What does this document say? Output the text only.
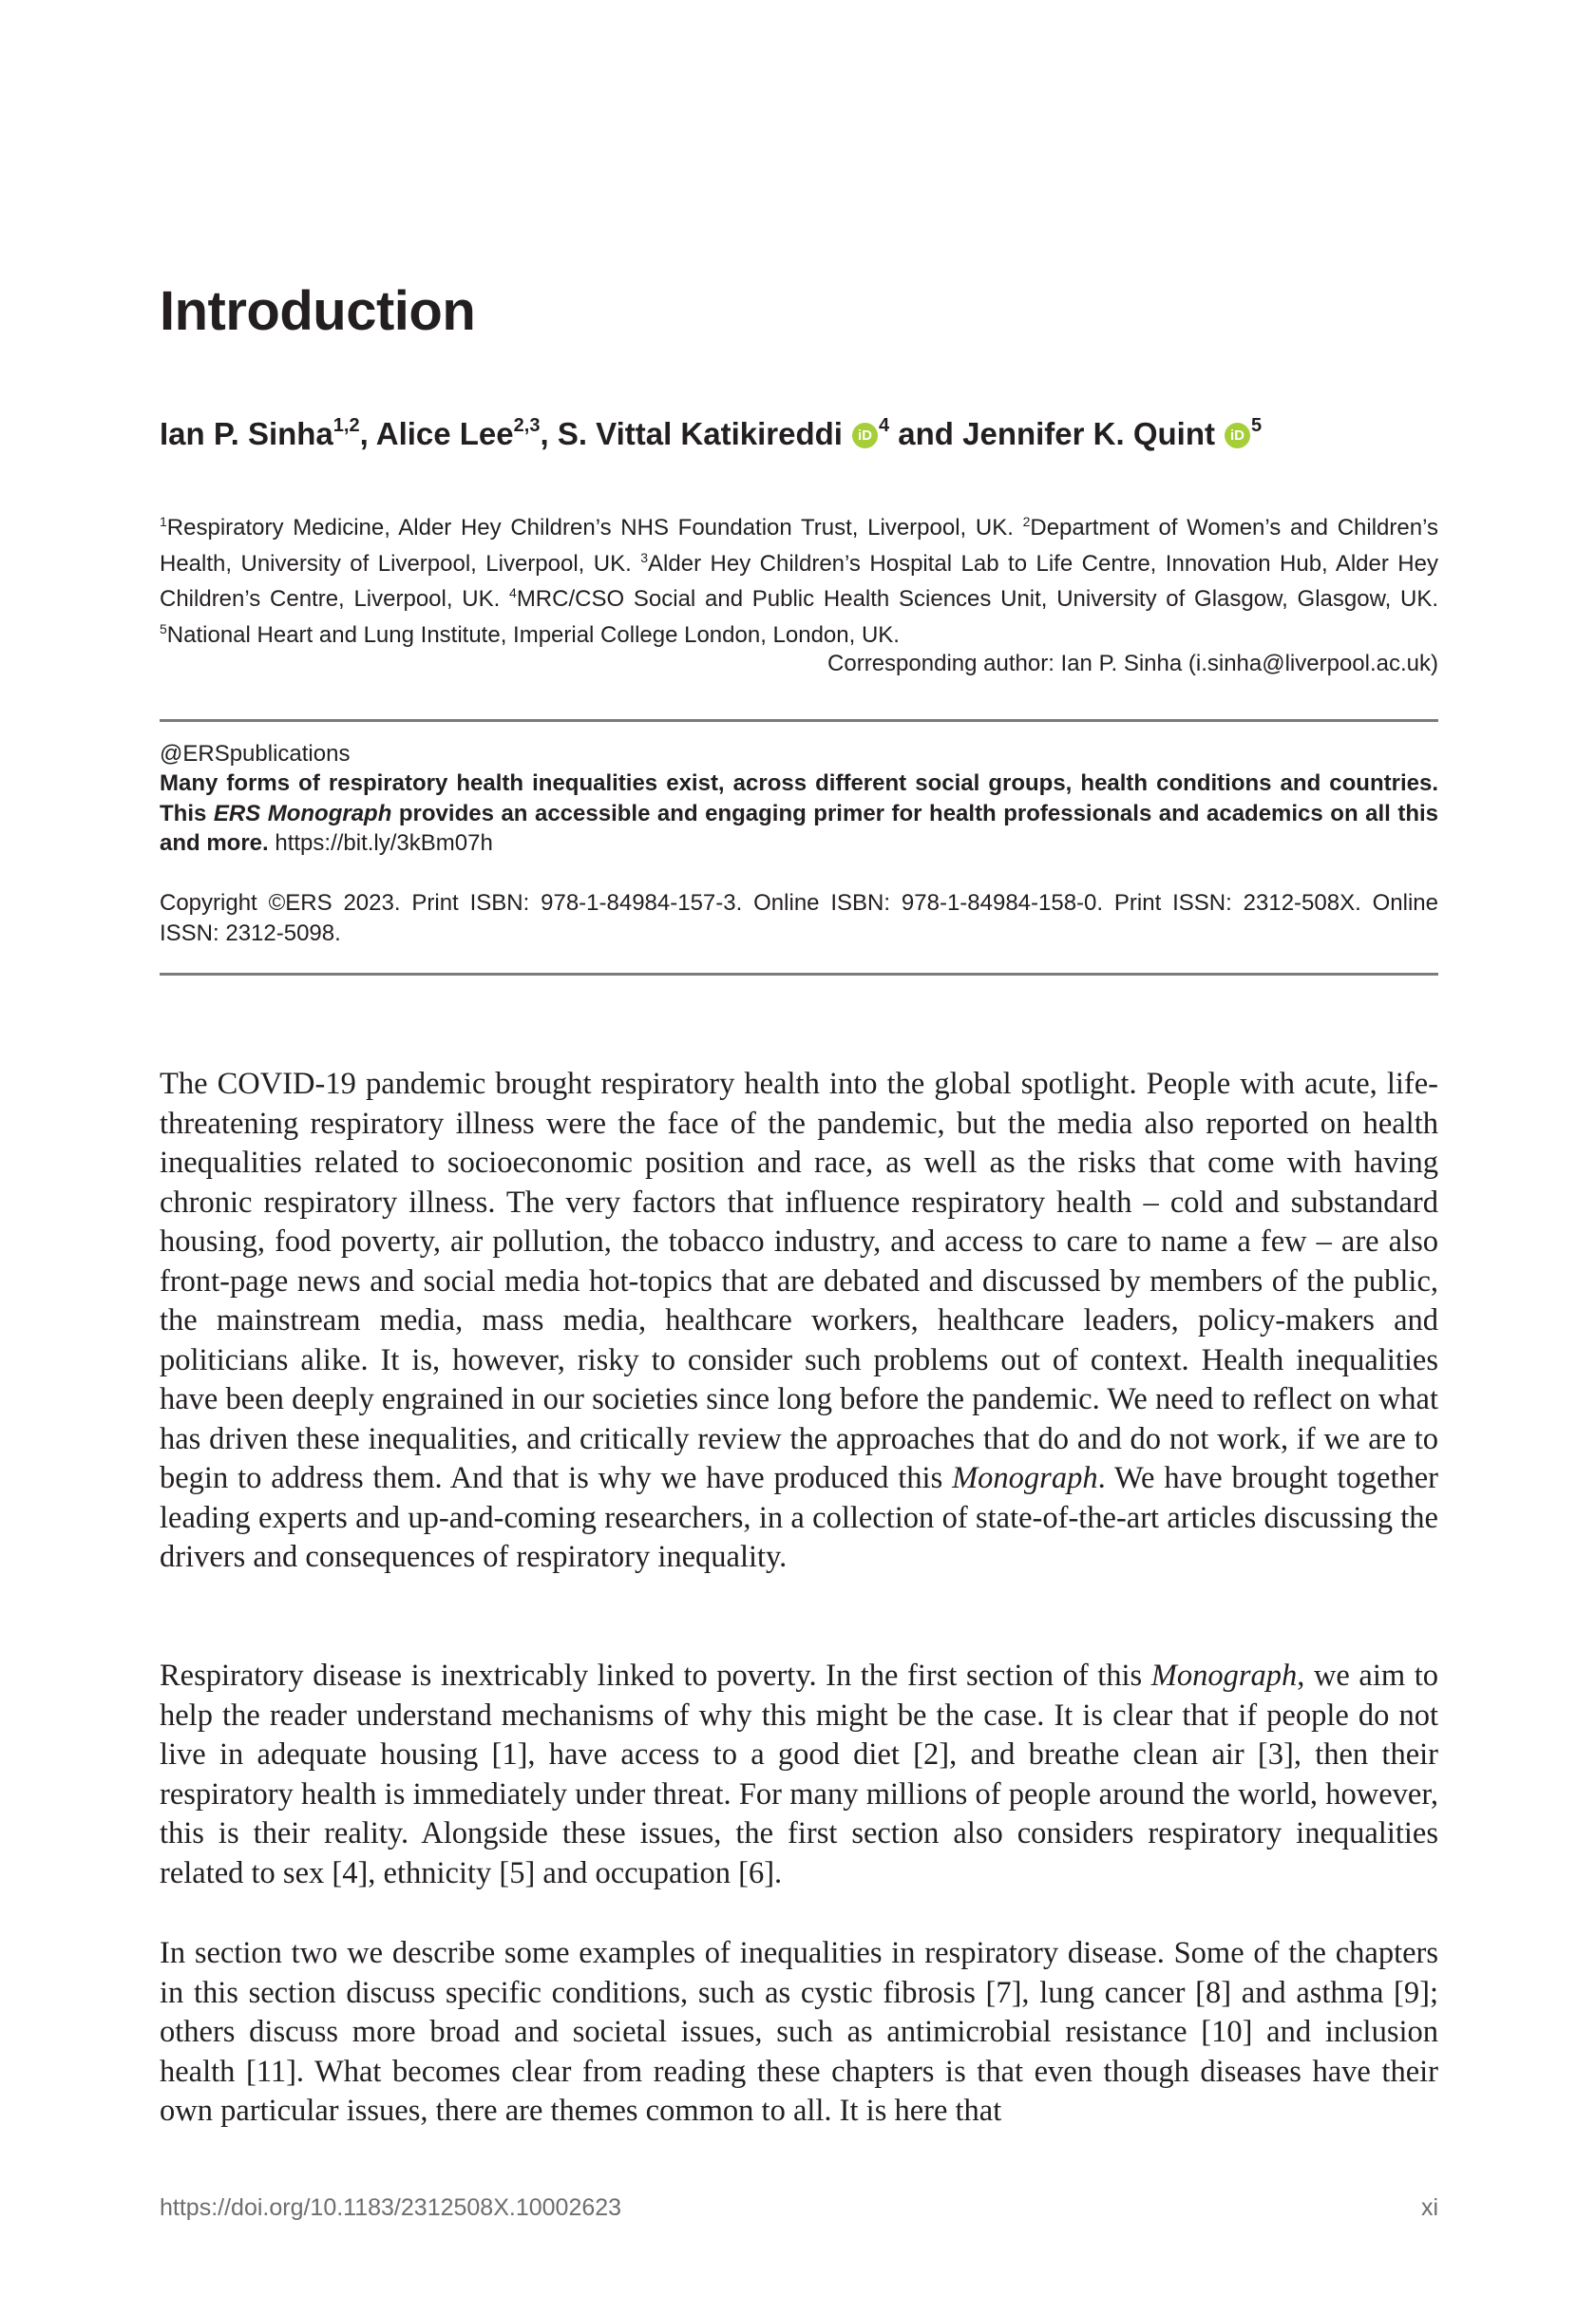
Introduction
Ian P. Sinha$^{1,2}$, Alice Lee$^{2,3}$, S. Vittal Katikireddi iD $^4$ and Jennifer K. Quint iD $^5$

$^1$Respiratory Medicine, Alder Hey Children’s NHS Foundation Trust, Liverpool, UK. $^2$Department of Women’s and Children’s Health, University of Liverpool, Liverpool, UK. $^3$Alder Hey Children’s Hospital Lab to Life Centre, Innovation Hub, Alder Hey Children’s Centre, Liverpool, UK. $^4$MRC/CSO Social and Public Health Sciences Unit, University of Glasgow, Glasgow, UK. $^5$National Heart and Lung Institute, Imperial College London, London, UK.

Corresponding author: Ian P. Sinha (i.sinha@liverpool.ac.uk)
@ERSpublications

Many forms of respiratory health inequalities exist, across different social groups, health conditions and countries. This ERS Monograph provides an accessible and engaging primer for health professionals and academics on all this and more. https://bit.ly/3kBm07h

Copyright ©ERS 2023. Print ISBN: 978-1-84984-157-3. Online ISBN: 978-1-84984-158-0. Print ISSN: 2312-508X. Online ISSN: 2312-5098.

The COVID-19 pandemic brought respiratory health into the global spotlight. People with acute, life-threatening respiratory illness were the face of the pandemic, but the media also reported on health inequalities related to socioeconomic position and race, as well as the risks that come with having chronic respiratory illness. The very factors that influence respiratory health – cold and substandard housing, food poverty, air pollution, the tobacco industry, and access to care to name a few – are also front-page news and social media hot-topics that are debated and discussed by members of the public, the mainstream media, mass media, healthcare workers, healthcare leaders, policy-makers and politicians alike. It is, however, risky to consider such problems out of context. Health inequalities have been deeply engrained in our societies since long before the pandemic. We need to reflect on what has driven these inequalities, and critically review the approaches that do and do not work, if we are to begin to address them. And that is why we have produced this Monograph. We have brought together leading experts and up-and-coming researchers, in a collection of state-of-the-art articles discussing the drivers and consequences of respiratory inequality.

Respiratory disease is inextricably linked to poverty. In the first section of this Monograph, we aim to help the reader understand mechanisms of why this might be the case. It is clear that if people do not live in adequate housing [1], have access to a good diet [2], and breathe clean air [3], then their respiratory health is immediately under threat. For many millions of people around the world, however, this is their reality. Alongside these issues, the first section also considers respiratory inequalities related to sex [4], ethnicity [5] and occupation [6].

In section two we describe some examples of inequalities in respiratory disease. Some of the chapters in this section discuss specific conditions, such as cystic fibrosis [7], lung cancer [8] and asthma [9]; others discuss more broad and societal issues, such as antimicrobial resistance [10] and inclusion health [11]. What becomes clear from reading these chapters is that even though diseases have their own particular issues, there are themes common to all. It is here that

https://doi.org/10.1183/2312508X.10002623	xi
